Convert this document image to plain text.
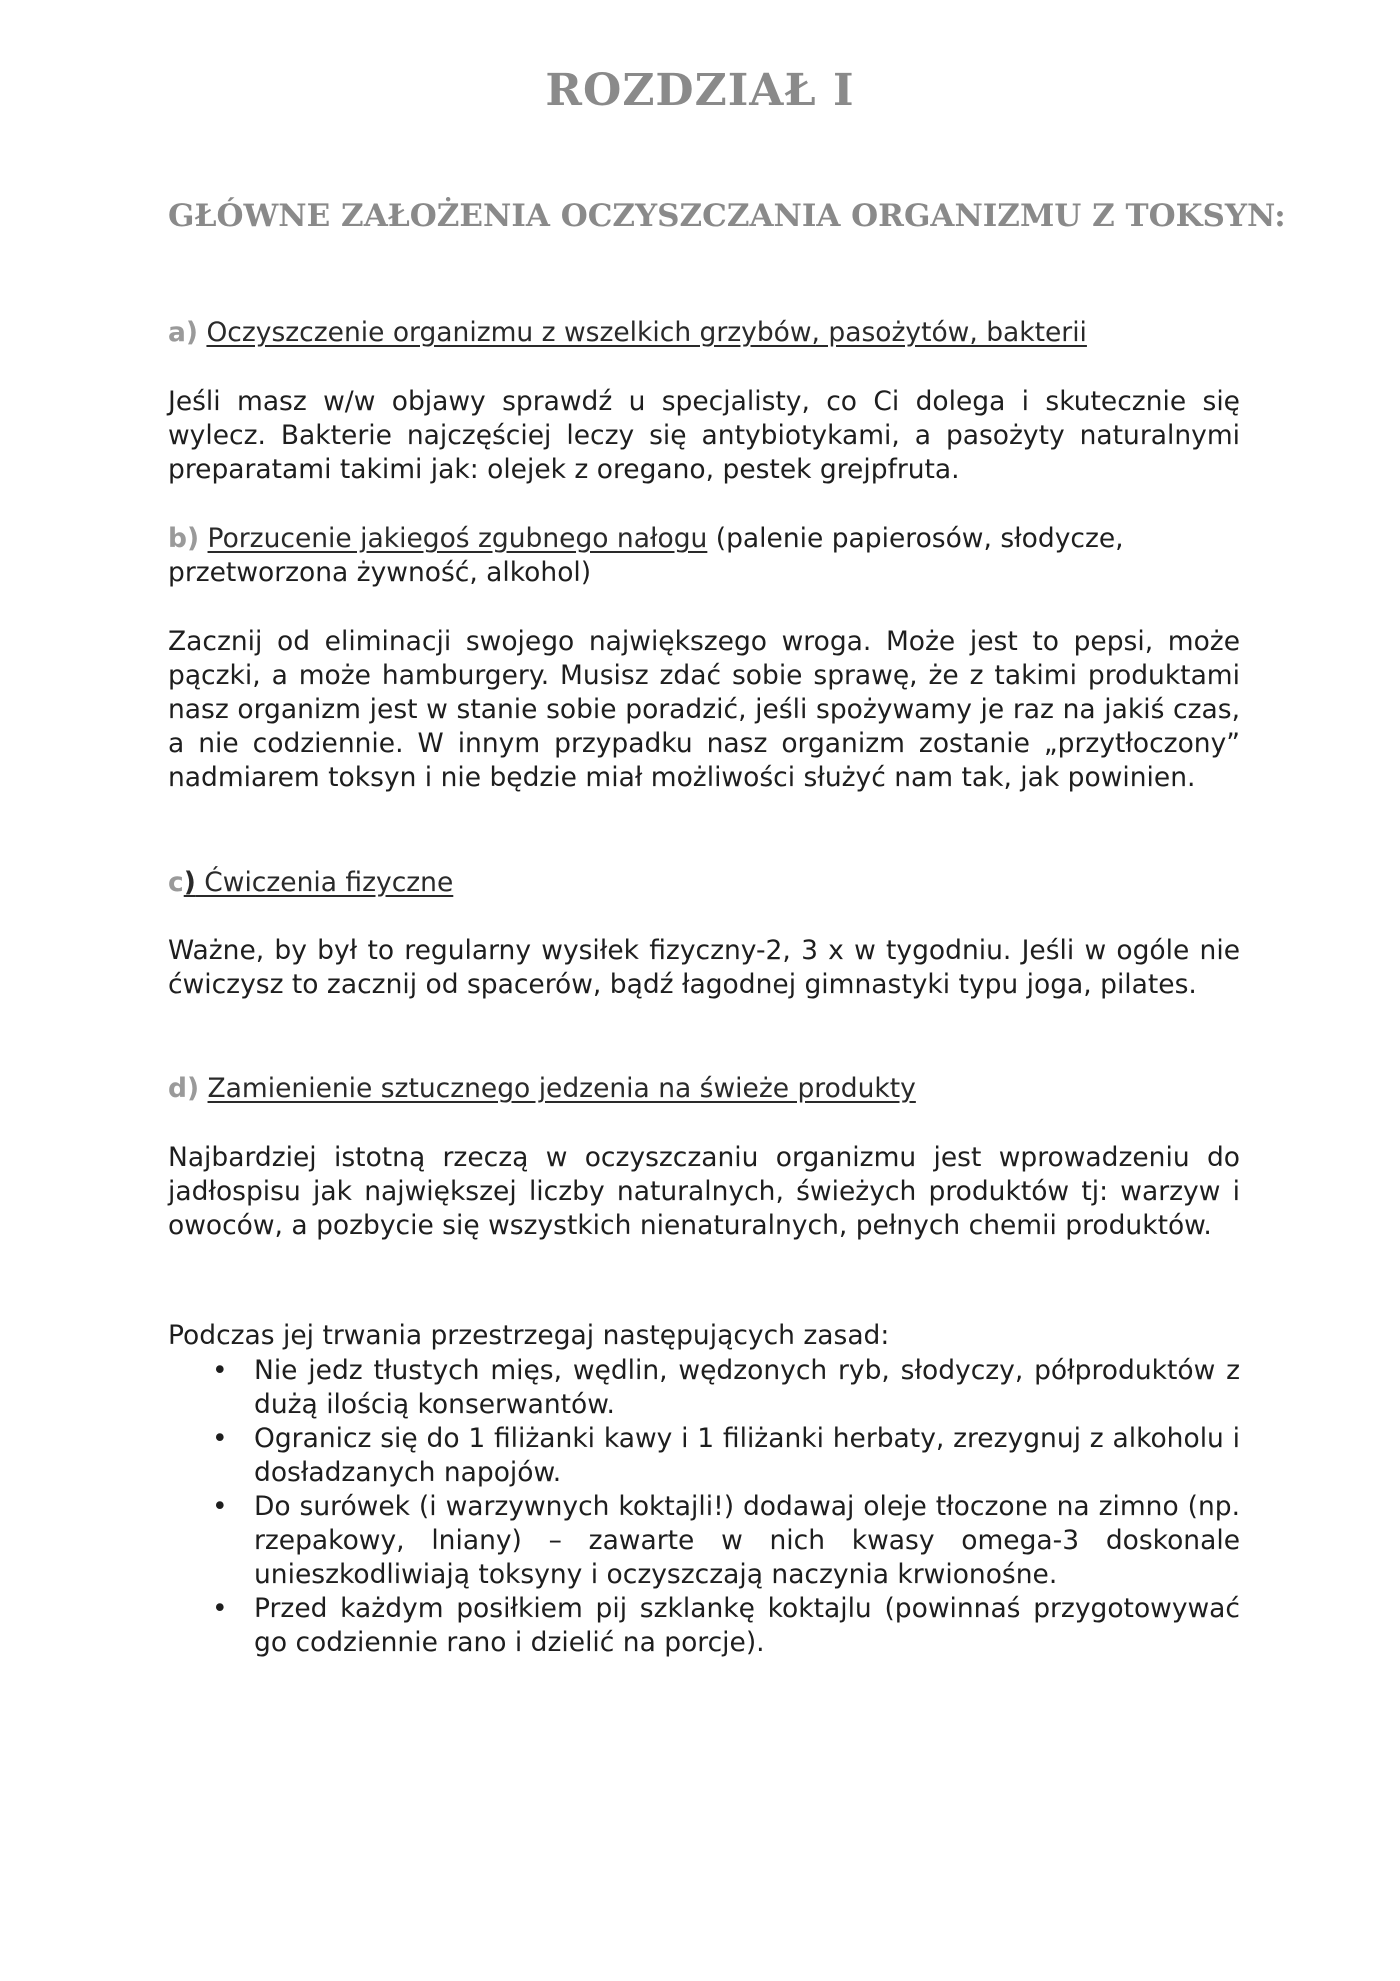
ROZDZIAŁ I
GŁÓWNE ZAŁOŻENIA OCZYSZCZANIA ORGANIZMU Z TOKSYN:

a) Oczyszczenie organizmu z wszelkich grzybów, pasożytów, bakterii

Jeśli masz w/w objawy sprawdź u specjalisty, co Ci dolega i skutecznie się wylecz. Bakterie najczęściej leczy się antybiotykami, a pasożyty naturalnymi preparatami takimi jak: olejek z oregano, pestek grejpfruta.

b) Porzucenie jakiegoś zgubnego nałogu (palenie papierosów, słodycze, przetworzona żywność, alkohol)

Zacznij od eliminacji swojego największego wroga. Może jest to pepsi, może pączki, a może hamburgery. Musisz zdać sobie sprawę, że z takimi produktami nasz organizm jest w stanie sobie poradzić, jeśli spożywamy je raz na jakiś czas, a nie codziennie. W innym przypadku nasz organizm zostanie „przytłoczony” nadmiarem toksyn i nie będzie miał możliwości służyć nam tak, jak powinien.

c) Ćwiczenia fizyczne

Ważne, by był to regularny wysiłek fizyczny-2, 3 x w tygodniu. Jeśli w ogóle nie ćwiczysz to zacznij od spacerów, bądź łagodnej gimnastyki typu joga, pilates.

d) Zamienienie sztucznego jedzenia na świeże produkty

Najbardziej istotną rzeczą w oczyszczaniu organizmu jest wprowadzeniu do jadłospisu jak największej liczby naturalnych, świeżych produktów tj: warzyw i owoców, a pozbycie się wszystkich nienaturalnych, pełnych chemii produktów.

Podczas jej trwania przestrzegaj następujących zasad:

• Nie jedz tłustych mięs, wędlin, wędzonych ryb, słodyczy, półproduktów z dużą ilością konserwantów.
• Ogranicz się do 1 filiżanki kawy i 1 filiżanki herbaty, zrezygnuj z alkoholu i dosładzanych napojów.
• Do surówek (i warzywnych koktajli!) dodawaj oleje tłoczone na zimno (np. rzepakowy, lniany) – zawarte w nich kwasy omega-3 doskonale unieszkodliwiają toksyny i oczyszczają naczynia krwionośne.
• Przed każdym posiłkiem pij szklankę koktajlu (powinnaś przygotowywać go codziennie rano i dzielić na porcje).
